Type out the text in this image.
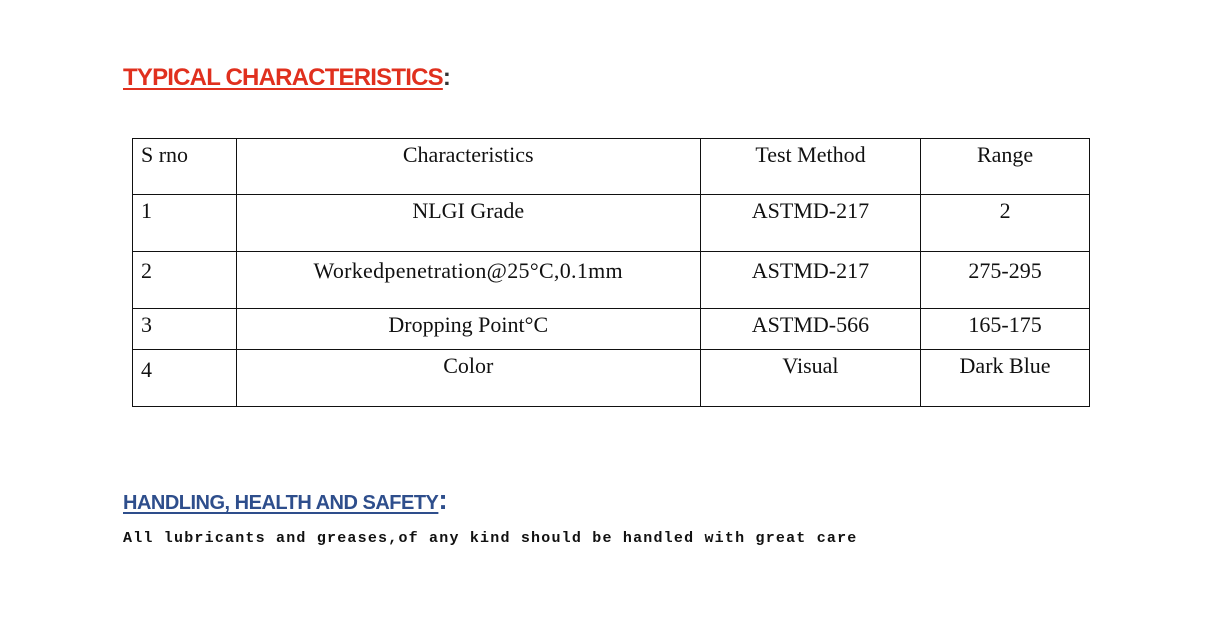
TYPICAL CHARACTERISTICS:
S rno	Characteristics	Test Method	Range

1	NLGI Grade	ASTMD-217	2

2	Workedpenetration@25°C,0.1mm	ASTMD-217	275-295

3	Dropping Point°C	ASTMD-566	165-175

4	Color	Visual	Dark Blue
HANDLING, HEALTH AND SAFETY:

All lubricants and greases,of any kind should be handled with great care
